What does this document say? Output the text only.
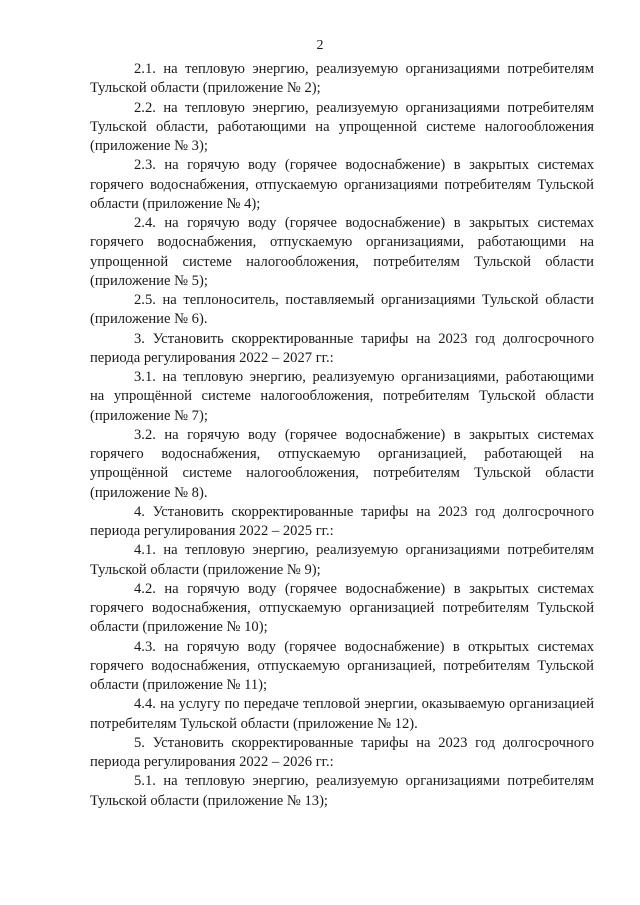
2

2.1. на тепловую энергию, реализуемую организациями потребителям Тульской области (приложение № 2);

2.2. на тепловую энергию, реализуемую организациями потребителям Тульской области, работающими на упрощенной системе налогообложения (приложение № 3);

2.3. на горячую воду (горячее водоснабжение) в закрытых системах горячего водоснабжения, отпускаемую организациями потребителям Тульской области (приложение № 4);

2.4. на горячую воду (горячее водоснабжение) в закрытых системах горячего водоснабжения, отпускаемую организациями, работающими на упрощенной системе налогообложения, потребителям Тульской области (приложение № 5);

2.5. на теплоноситель, поставляемый организациями Тульской области (приложение № 6).

3. Установить скорректированные тарифы на 2023 год долгосрочного периода регулирования 2022 – 2027 гг.:

3.1. на тепловую энергию, реализуемую организациями, работающими на упрощённой системе налогообложения, потребителям Тульской области (приложение № 7);

3.2. на горячую воду (горячее водоснабжение) в закрытых системах горячего водоснабжения, отпускаемую организацией, работающей на упрощённой системе налогообложения, потребителям Тульской области (приложение № 8).

4. Установить скорректированные тарифы на 2023 год долгосрочного периода регулирования 2022 – 2025 гг.:

4.1. на тепловую энергию, реализуемую организациями потребителям Тульской области (приложение № 9);

4.2. на горячую воду (горячее водоснабжение) в закрытых системах горячего водоснабжения, отпускаемую организацией потребителям Тульской области (приложение № 10);

4.3. на горячую воду (горячее водоснабжение) в открытых системах горячего водоснабжения, отпускаемую организацией, потребителям Тульской области (приложение № 11);

4.4. на услугу по передаче тепловой энергии, оказываемую организацией потребителям Тульской области (приложение № 12).

5. Установить скорректированные тарифы на 2023 год долгосрочного периода регулирования 2022 – 2026 гг.:

5.1. на тепловую энергию, реализуемую организациями потребителям Тульской области (приложение № 13);
